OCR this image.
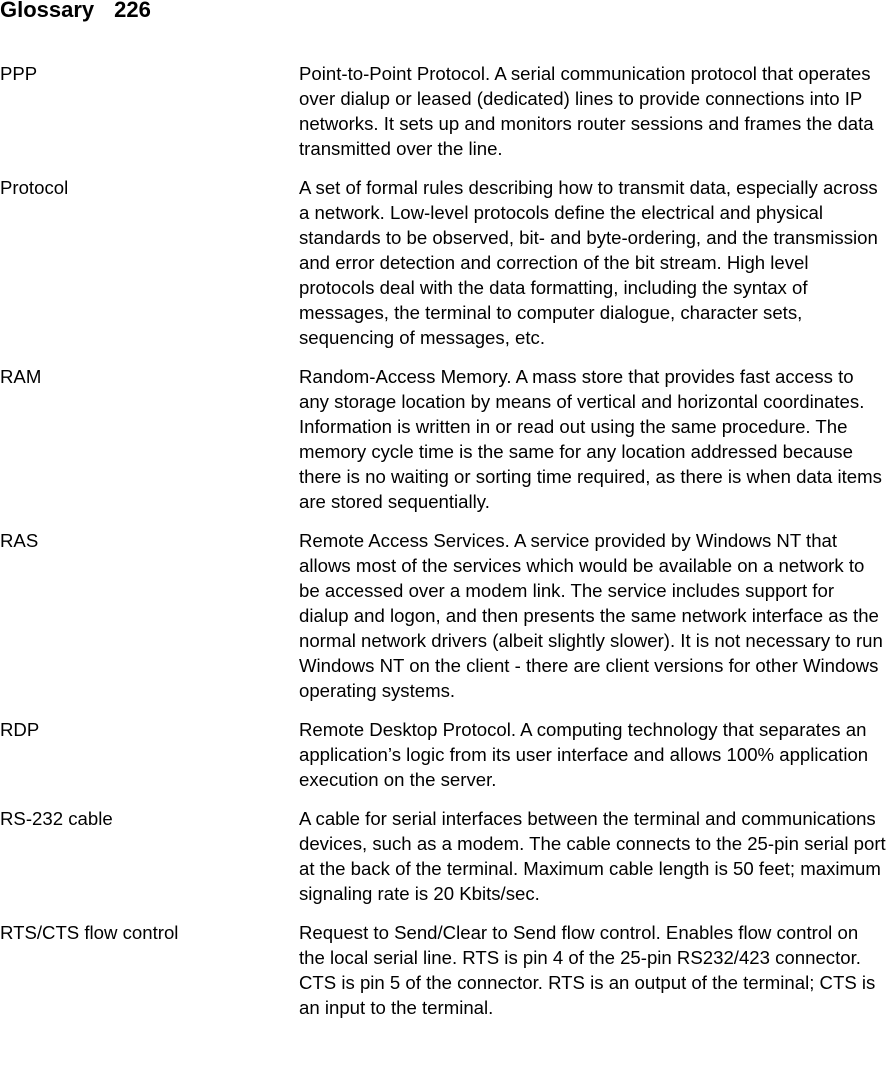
Glossary 226
PPP	Point-to-Point Protocol. A serial communication protocol that operates over dialup or leased (dedicated) lines to provide connections into IP networks. It sets up and monitors router sessions and frames the data transmitted over the line.
Protocol	A set of formal rules describing how to transmit data, especially across a network. Low-level protocols define the electrical and physical standards to be observed, bit- and byte-ordering, and the transmission and error detection and correction of the bit stream. High level protocols deal with the data formatting, including the syntax of messages, the terminal to computer dialogue, character sets, sequencing of messages, etc.
RAM	Random-Access Memory. A mass store that provides fast access to any storage location by means of vertical and horizontal coordinates. Information is written in or read out using the same procedure. The memory cycle time is the same for any location addressed because there is no waiting or sorting time required, as there is when data items are stored sequentially.
RAS	Remote Access Services. A service provided by Windows NT that allows most of the services which would be available on a network to be accessed over a modem link. The service includes support for dialup and logon, and then presents the same network interface as the normal network drivers (albeit slightly slower). It is not necessary to run Windows NT on the client - there are client versions for other Windows operating systems.
RDP	Remote Desktop Protocol. A computing technology that separates an application’s logic from its user interface and allows 100% application execution on the server.
RS-232 cable	A cable for serial interfaces between the terminal and communications devices, such as a modem. The cable connects to the 25-pin serial port at the back of the terminal. Maximum cable length is 50 feet; maximum signaling rate is 20 Kbits/sec.
RTS/CTS flow control	Request to Send/Clear to Send flow control. Enables flow control on the local serial line. RTS is pin 4 of the 25-pin RS232/423 connector. CTS is pin 5 of the connector. RTS is an output of the terminal; CTS is an input to the terminal.
